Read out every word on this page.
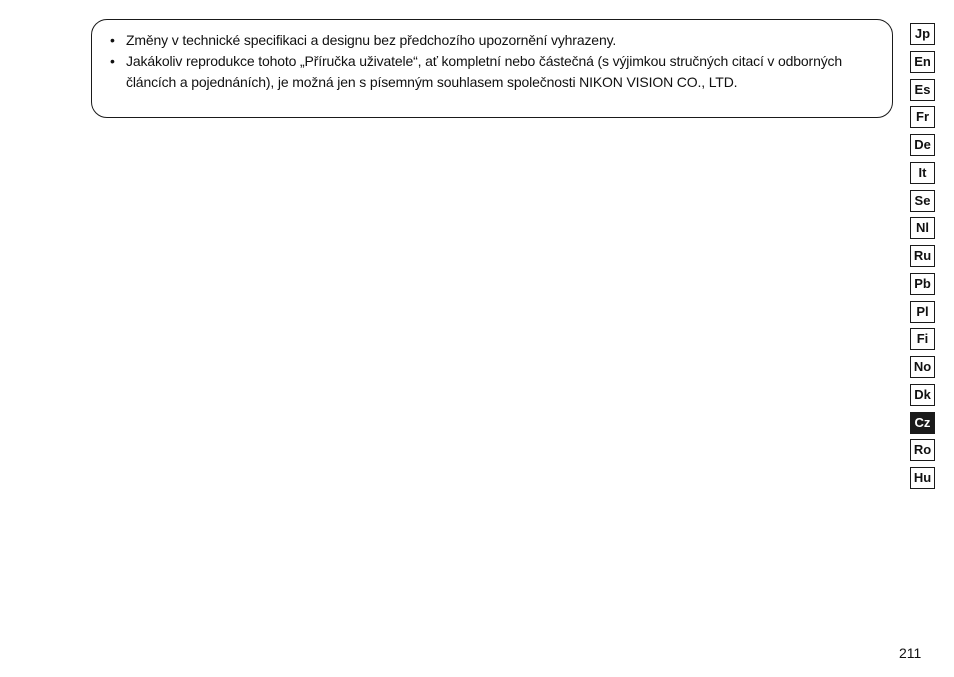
• Změny v technické specifikaci a designu bez předchozího upozornění vyhrazeny.
• Jakákoliv reprodukce tohoto „Příručka uživatele“, ať kompletní nebo částečná (s výjimkou stručných citací v odborných článcích a pojednáních), je možná jen s písemným souhlasem společnosti NIKON VISION CO., LTD.
Jp
En
Es
Fr
De
It
Se
Nl
Ru
Pb
Pl
Fi
No
Dk
Cz
Ro
Hu
211
